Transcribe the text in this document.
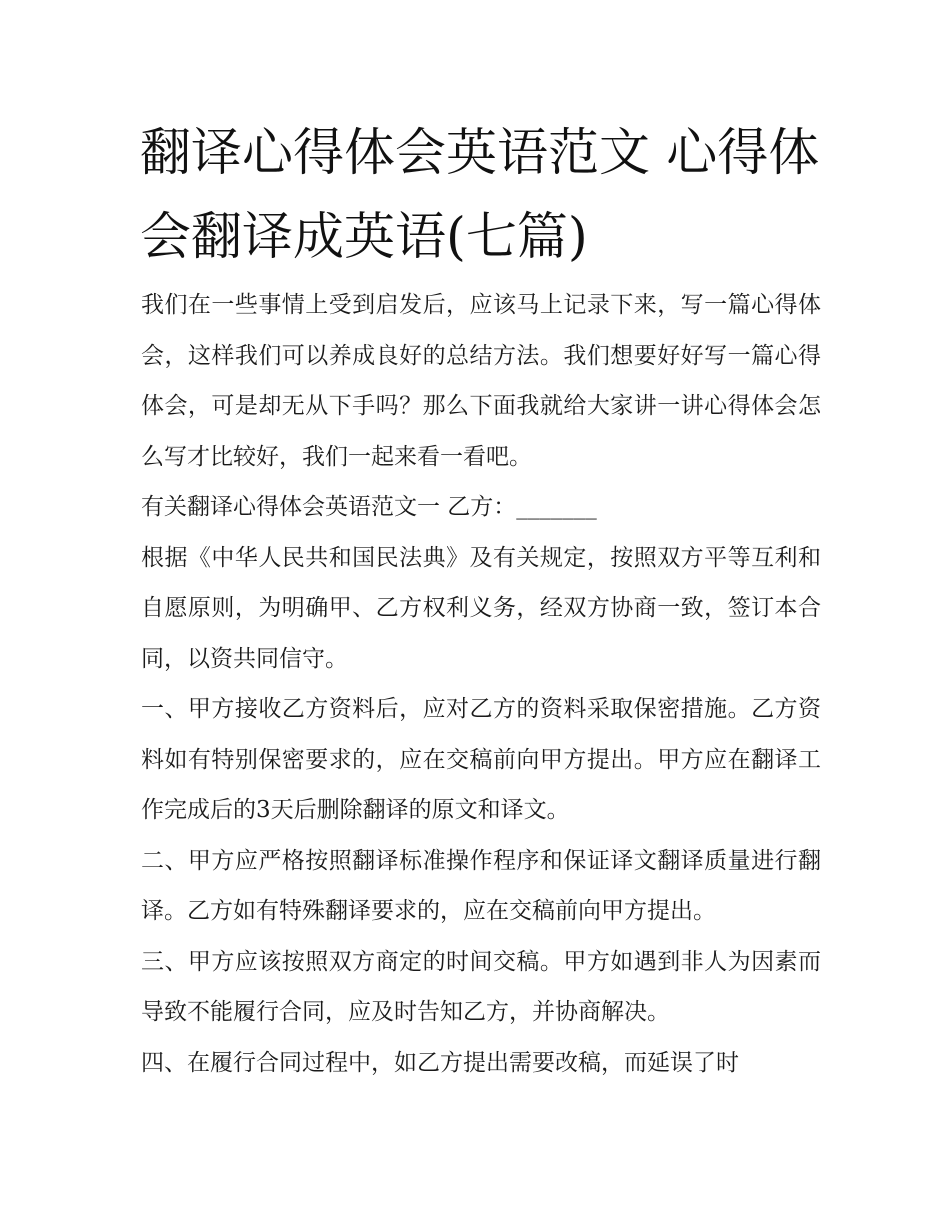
翻译心得体会英语范文 心得体会翻译成英语(七篇)

我们在一些事情上受到启发后，应该马上记录下来，写一篇心得体会，这样我们可以养成良好的总结方法。我们想要好好写一篇心得体会，可是却无从下手吗？那么下面我就给大家讲一讲心得体会怎么写才比较好，我们一起来看一看吧。

有关翻译心得体会英语范文一 乙方：_______

根据《中华人民共和国民法典》及有关规定，按照双方平等互利和自愿原则，为明确甲、乙方权利义务，经双方协商一致，签订本合同，以资共同信守。

一、甲方接收乙方资料后，应对乙方的资料采取保密措施。乙方资料如有特别保密要求的，应在交稿前向甲方提出。甲方应在翻译工作完成后的3天后删除翻译的原文和译文。

二、甲方应严格按照翻译标准操作程序和保证译文翻译质量进行翻译。乙方如有特殊翻译要求的，应在交稿前向甲方提出。

三、甲方应该按照双方商定的时间交稿。甲方如遇到非人为因素而导致不能履行合同，应及时告知乙方，并协商解决。

四、在履行合同过程中，如乙方提出需要改稿，而延误了时
